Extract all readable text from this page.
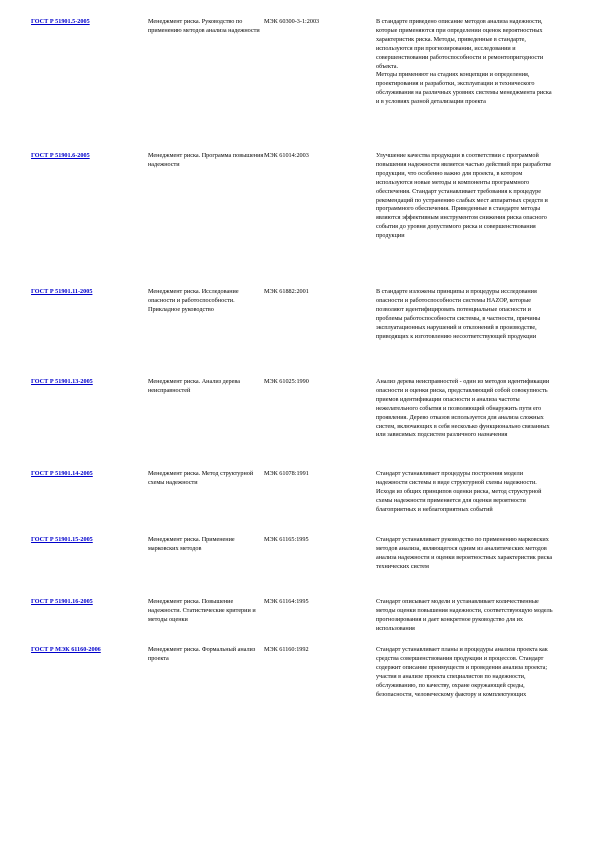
ГОСТ Р 51901.5-2005	Менеджмент риска. Руководство по применению методов анализа надежности	МЭК 60300-3-1:2003	В стандарте приведено описание методов анализа надежности, которые применяются при определении оценок вероятностных характеристик риска. Методы, приведенные в стандарте, используются при прогнозировании, исследовании и совершенствовании работоспособности и ремонтопригодности объекта.
Методы применяют на стадиях концепции и определения, проектирования и разработки, эксплуатации и технического обслуживания на различных уровнях системы менеджмента риска и в условиях разной детализации проекта

ГОСТ Р 51901.6-2005	Менеджмент риска. Программа повышения надежности	МЭК 61014:2003	Улучшение качества продукции в соответствии с программой повышения надежности является частью действий при разработке продукции, что особенно важно для проекта, в котором используются новые методы и компоненты программного обеспечения. Стандарт устанавливает требования к процедуре рекомендаций по устранению слабых мест аппаратных средств и программного обеспечения. Приведенные в стандарте методы являются эффективным инструментом снижения риска опасного события до уровня допустимого риска и совершенствования продукции

ГОСТ Р 51901.11-2005	Менеджмент риска. Исследование опасности и работоспособности. Прикладное руководство	МЭК 61882:2001	В стандарте изложены принципы и процедуры исследования опасности и работоспособности системы HAZOP, которые позволяют идентифицировать потенциальные опасности и проблемы работоспособности системы, в частности, причины эксплуатационных нарушений и отклонений в производстве, приводящих к изготовлению несоответствующей продукции

ГОСТ Р 51901.13-2005	Менеджмент риска. Анализ дерева неисправностей	МЭК 61025:1990	Анализ дерева неисправностей - один из методов идентификации опасности и оценки риска, представляющий собой совокупность приемов идентификации опасности и анализа частоты нежелательного события и позволяющий обнаружить пути его проявления. Дерево отказов используется для анализа сложных систем, включающих в себя несколько функционально связанных или зависимых подсистем различного назначения

ГОСТ Р 51901.14-2005	Менеджмент риска. Метод структурной схемы надежности	МЭК 61078:1991	Стандарт устанавливает процедуры построения модели надежности системы в виде структурной схемы надежности. Исходя из общих принципов оценки риска, метод структурной схемы надежности применяется для оценки вероятности благоприятных и неблагоприятных событий

ГОСТ Р 51901.15-2005	Менеджмент риска. Применение марковских методов	МЭК 61165:1995	Стандарт устанавливает руководство по применению марковских методов анализа, являющегося одним из аналитических методов анализа надежности и оценки вероятностных характеристик риска технических систем

ГОСТ Р 51901.16-2005	Менеджмент риска. Повышение надежности. Статистические критерии и методы оценки	МЭК 61164:1995	Стандарт описывает модели и устанавливает количественные методы оценки повышения надежности, соответствующую модель прогнозирования и дает конкретное руководство для их использования

ГОСТ Р МЭК 61160-2006	Менеджмент риска. Формальный анализ проекта	МЭК 61160:1992	Стандарт устанавливает планы и процедуры анализа проекта как средства совершенствования продукции и процессов. Стандарт содержит описание преимуществ и проведения анализа проекта; участия в анализе проекта специалистов по надежности, обслуживанию, по качеству, охране окружающей среды, безопасности, человеческому фактору и комплектующих
